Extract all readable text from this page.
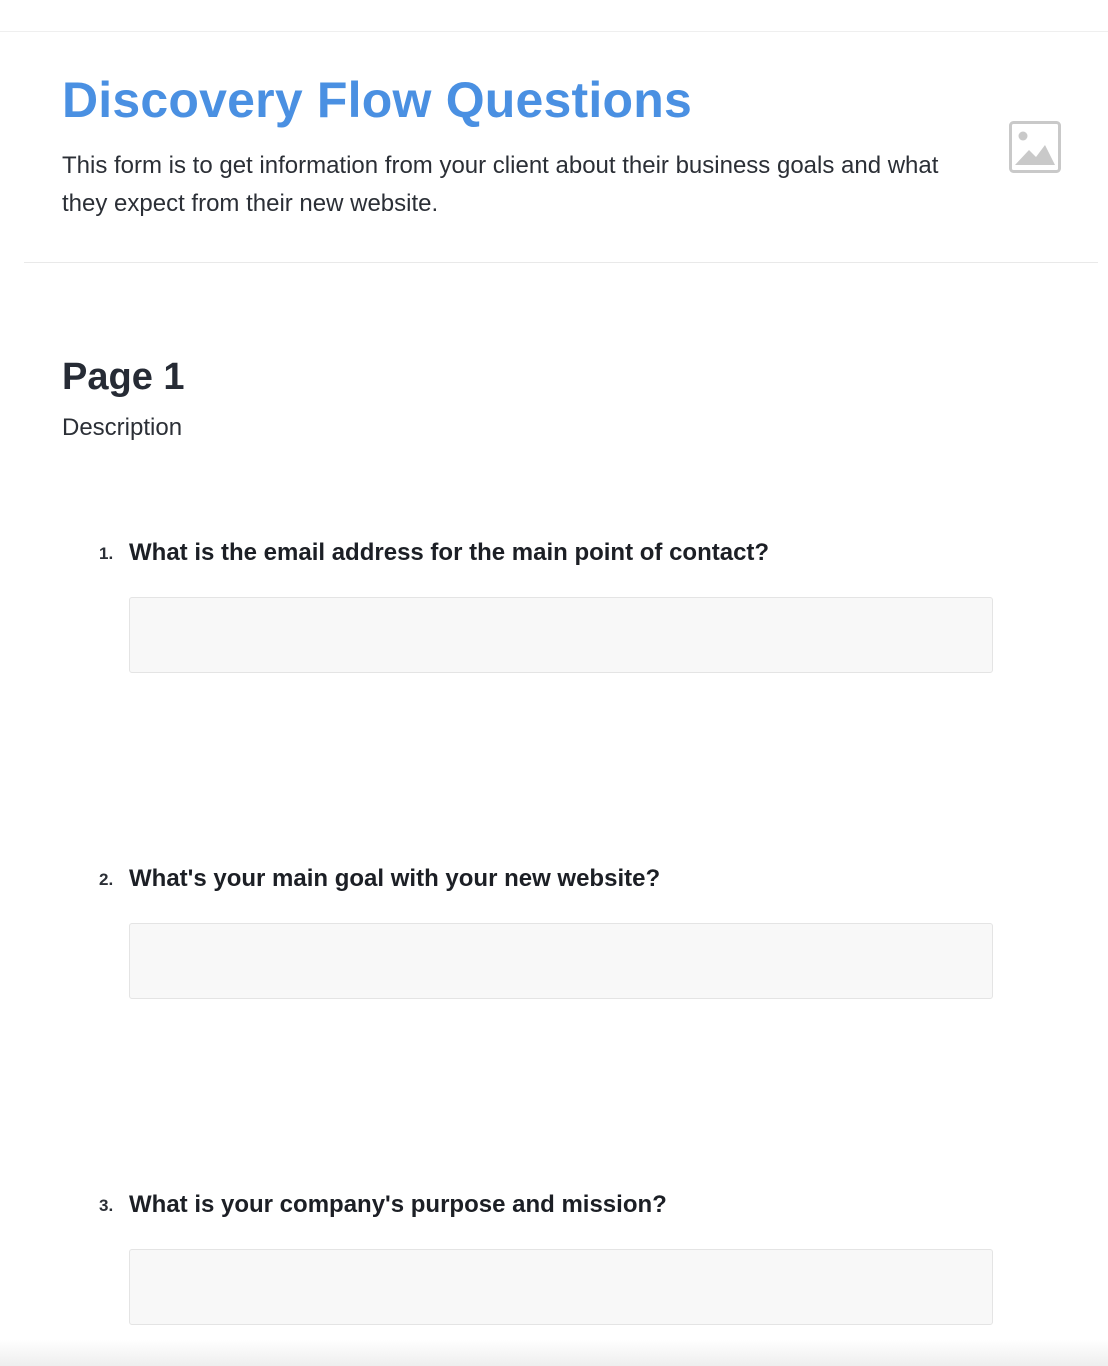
Discovery Flow Questions

This form is to get information from your client about their business goals and what they expect from their new website.

Page 1

Description

1. What is the email address for the main point of contact?

2. What's your main goal with your new website?

3. What is your company's purpose and mission?
